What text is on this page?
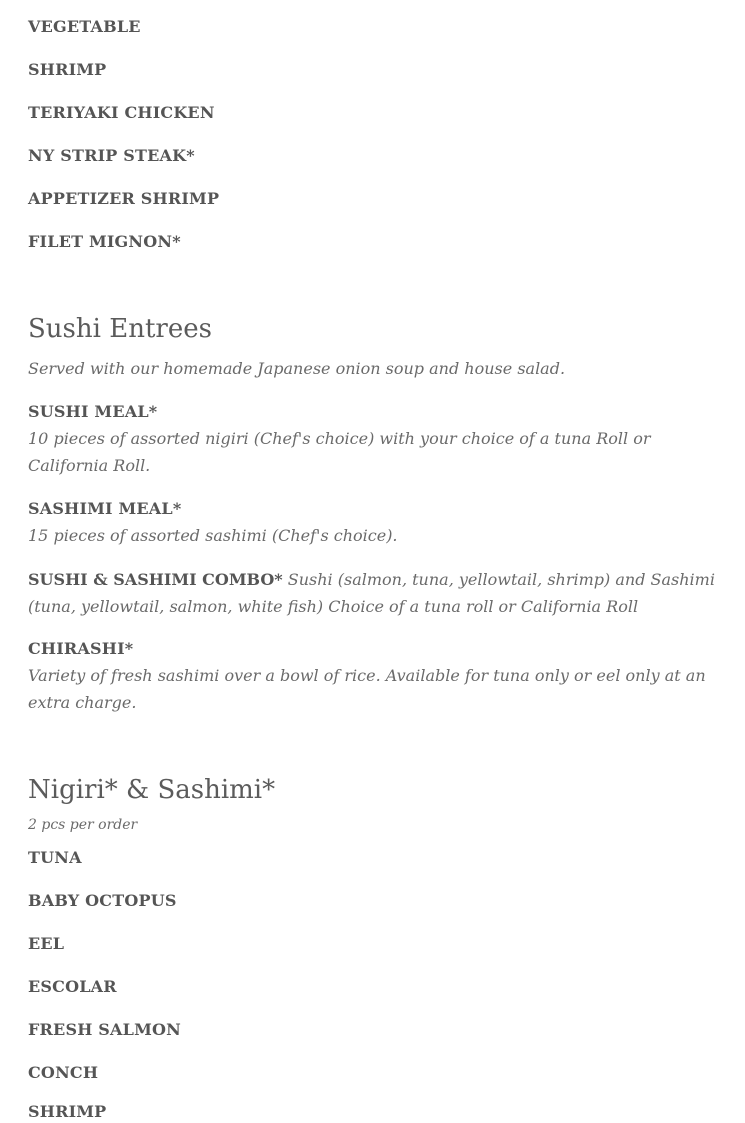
VEGETABLE
SHRIMP
TERIYAKI CHICKEN
NY STRIP STEAK*
APPETIZER SHRIMP
FILET MIGNON*
Sushi Entrees
Served with our homemade Japanese onion soup and house salad.
SUSHI MEAL*
10 pieces of assorted nigiri (Chef's choice) with your choice of a tuna Roll or California Roll.
SASHIMI MEAL*
15 pieces of assorted sashimi (Chef's choice).
SUSHI & SASHIMI COMBO* Sushi (salmon, tuna, yellowtail, shrimp) and Sashimi (tuna, yellowtail, salmon, white fish) Choice of a tuna roll or California Roll
CHIRASHI*
Variety of fresh sashimi over a bowl of rice. Available for tuna only or eel only at an extra charge.
Nigiri* & Sashimi*
2 pcs per order
TUNA
BABY OCTOPUS
EEL
ESCOLAR
FRESH SALMON
CONCH
SHRIMP
